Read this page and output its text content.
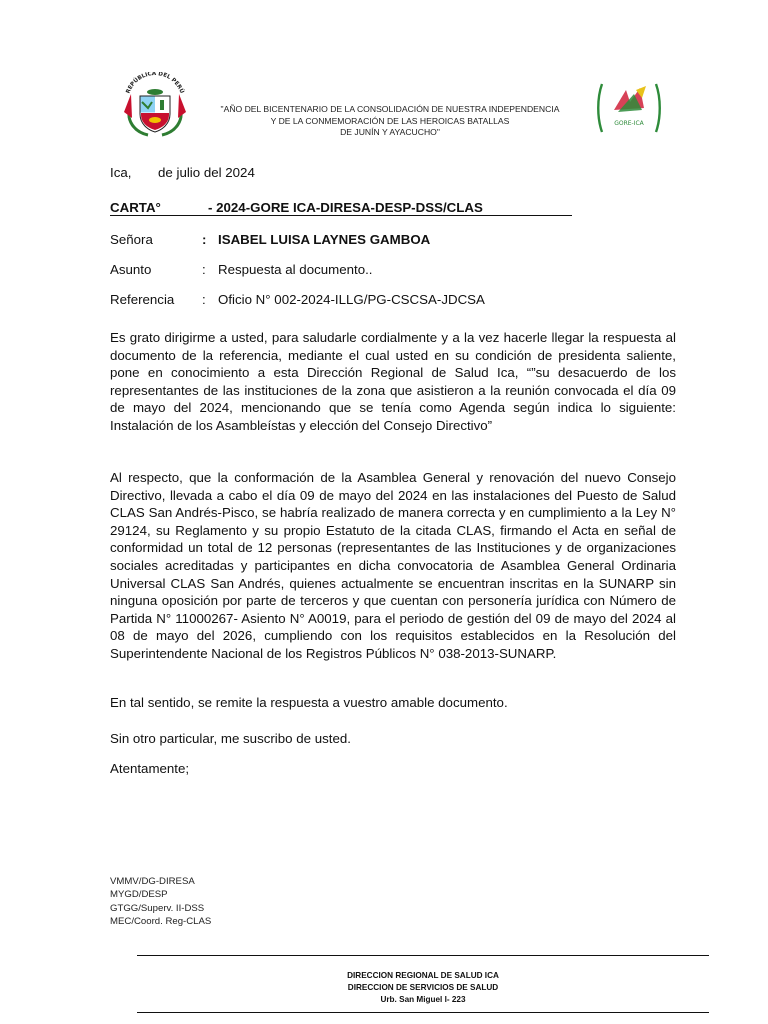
REPÚBLICA DEL PERÚ
"AÑO DEL BICENTENARIO DE LA CONSOLIDACIÓN DE NUESTRA INDEPENDENCIA
Y DE LA CONMEMORACIÓN DE LAS HEROICAS BATALLAS
DE JUNÍN Y AYACUCHO"
GORE-ICA
Ica, de julio del 2024
CARTA°	- 2024-GORE ICA-DIRESA-DESP-DSS/CLAS
Señora	: ISABEL LUISA LAYNES GAMBOA
Asunto	: Respuesta al documento..
Referencia : Oficio N° 002-2024-ILLG/PG-CSCSA-JDCSA
Es grato dirigirme a usted, para saludarle cordialmente y a la vez hacerle llegar la respuesta al documento de la referencia, mediante el cual usted en su condición de presidenta saliente, pone en conocimiento a esta Dirección Regional de Salud Ica, “”su desacuerdo de los representantes de las instituciones de la zona que asistieron a la reunión convocada el día 09 de mayo del 2024, mencionando que se tenía como Agenda según indica lo siguiente: Instalación de los Asambleístas y elección del Consejo Directivo”
Al respecto, que la conformación de la Asamblea General y renovación del nuevo Consejo Directivo, llevada a cabo el día 09 de mayo del 2024 en las instalaciones del Puesto de Salud CLAS San Andrés-Pisco, se habría realizado de manera correcta y en cumplimiento a la Ley N° 29124, su Reglamento y su propio Estatuto de la citada CLAS, firmando el Acta en señal de conformidad un total de 12 personas (representantes de las Instituciones y de organizaciones sociales acreditadas y participantes en dicha convocatoria de Asamblea General Ordinaria Universal CLAS San Andrés, quienes actualmente se encuentran inscritas en la SUNARP sin ninguna oposición por parte de terceros y que cuentan con personería jurídica con Número de Partida N° 11000267- Asiento N° A0019, para el periodo de gestión del 09 de mayo del 2024 al 08 de mayo del 2026, cumpliendo con los requisitos establecidos en la Resolución del Superintendente Nacional de los Registros Públicos N° 038-2013-SUNARP.
En tal sentido, se remite la respuesta a vuestro amable documento.
Sin otro particular, me suscribo de usted.
Atentamente;
VMMV/DG-DIRESA
MYGD/DESP
GTGG/Superv. II-DSS
MEC/Coord. Reg-CLAS
DIRECCION REGIONAL DE SALUD ICA
DIRECCION DE SERVICIOS DE SALUD
Urb. San Miguel I- 223
